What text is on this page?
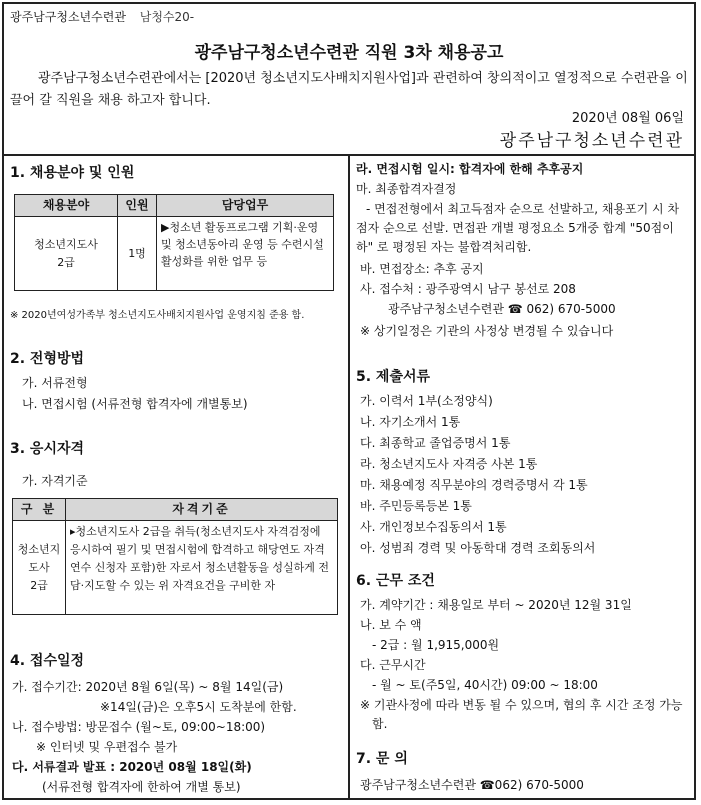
광주남구청소년수련관 남청수20-
광주남구청소년수련관 직원 3차 채용공고
광주남구청소년수련관에서는 [2020년 청소년지도사배치지원사업]과 관련하여 창의적이고 열정적으로 수련관을 이끌어 갈 직원을 채용 하고자 합니다.
2020년 08월 06일
광주남구청소년수련관
1. 채용분야 및 인원
채용분야	인원	담당업무

청소년지도사
2급	1명	▶청소년 활동프로그램 기획·운영 및 청소년동아리 운영 등 수련시설 활성화를 위한 업무 등
※ 2020년여성가족부 청소년지도사배치지원사업 운영지침 준용 함.
2. 전형방법
가. 서류전형
나. 면접시험 (서류전형 합격자에 개별통보)
3. 응시자격
가. 자격기준
구 분	자격기준

청소년지도사
2급	▸청소년지도사 2급을 취득(청소년지도사 자격검정에 응시하여 필기 및 면접시험에 합격하고 해당연도 자격연수 신청자 포함)한 자로서 청소년활동을 성실하게 전담·지도할 수 있는 위 자격요건을 구비한 자
4. 접수일정
가. 접수기간: 2020년 8월 6일(목) ~ 8월 14일(금)
※14일(금)은 오후5시 도착분에 한함.
나. 접수방법: 방문접수 (월~토, 09:00~18:00)
※ 인터넷 및 우편접수 불가
다. 서류결과 발표 : 2020년 08월 18일(화)
(서류전형 합격자에 한하여 개별 통보)
라. 면접시험 일시: 합격자에 한해 추후공지
마. 최종합격자결정
- 면접전형에서 최고득점자 순으로 선발하고, 채용포기 시 차점자 순으로 선발. 면접관 개별 평정요소 5개중 합계 "50점이하" 로 평정된 자는 불합격처리함.
바. 면접장소: 추후 공지
사. 접수처 : 광주광역시 남구 봉선로 208
광주남구청소년수련관 ☎ 062) 670-5000
※ 상기일정은 기관의 사정상 변경될 수 있습니다
5. 제출서류
가. 이력서 1부(소정양식)
나. 자기소개서 1통
다. 최종학교 졸업증명서 1통
라. 청소년지도사 자격증 사본 1통
마. 채용예정 직무분야의 경력증명서 각 1통
바. 주민등록등본 1통
사. 개인정보수집동의서 1통
아. 성범죄 경력 및 아동학대 경력 조회동의서
6. 근무 조건
가. 계약기간 : 채용일로 부터 ~ 2020년 12월 31일
나. 보 수 액
- 2급 : 월 1,915,000원
다. 근무시간
- 월 ~ 토(주5일, 40시간) 09:00 ~ 18:00
※ 기관사정에 따라 변동 될 수 있으며, 협의 후 시간 조정 가능함.
7. 문 의
광주남구청소년수련관 ☎062) 670-5000
